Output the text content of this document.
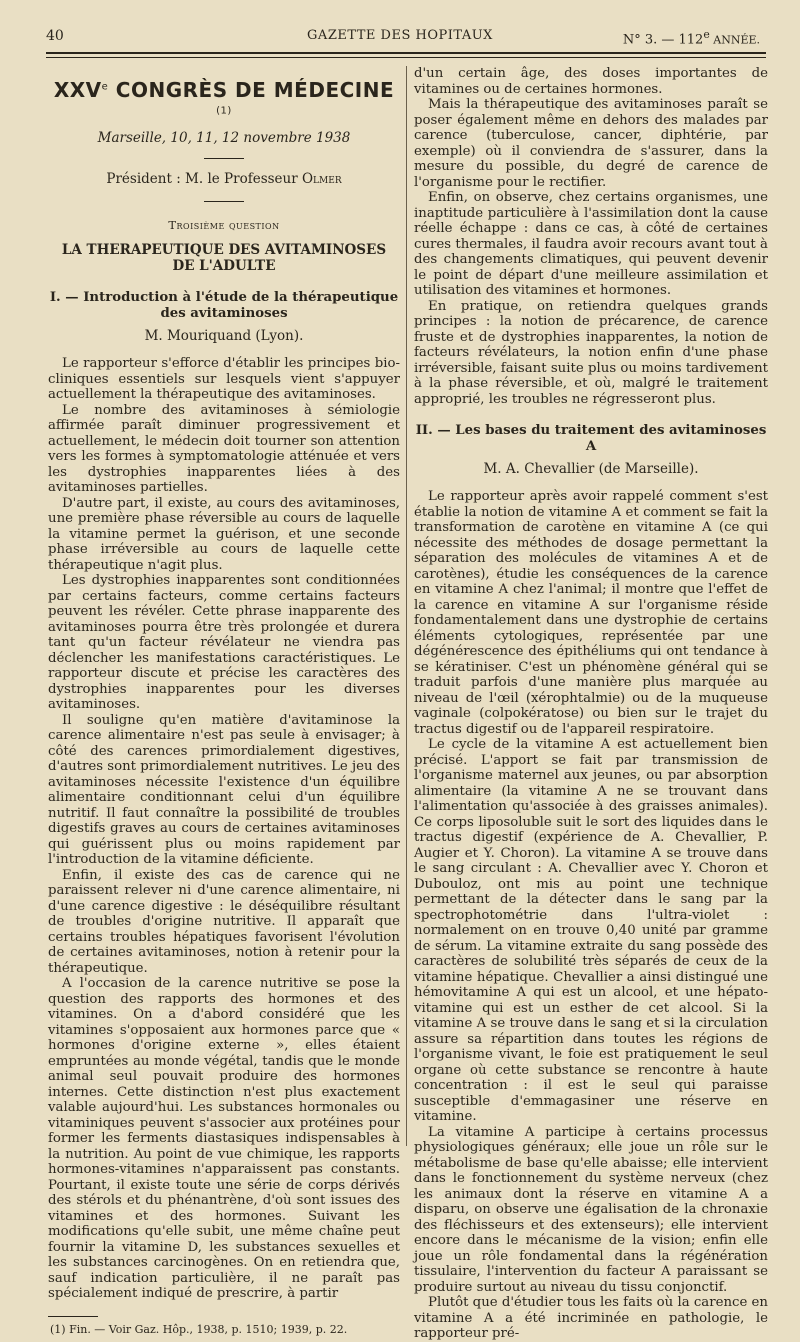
40	GAZETTE DES HOPITAUX	N° 3. — 112e ANNÉE.
XXVe CONGRÈS DE MÉDECINE $^{(1)}$
Marseille, 10, 11, 12 novembre 1938
Président : M. le Professeur Olmer
Troisième question
LA THERAPEUTIQUE DES AVITAMINOSES
DE L'ADULTE
I. — Introduction à l'étude de la thérapeutique
des avitaminoses
M. Mouriquand (Lyon).

Le rapporteur s'efforce d'établir les principes bio-cliniques essentiels sur lesquels vient s'appuyer actuellement la thérapeutique des avitaminoses.

Le nombre des avitaminoses à sémiologie affirmée paraît diminuer progressivement et actuellement, le médecin doit tourner son attention vers les formes à symptomatologie atténuée et vers les dystrophies inapparentes liées à des avitaminoses partielles.

D'autre part, il existe, au cours des avitaminoses, une première phase réversible au cours de laquelle la vitamine permet la guérison, et une seconde phase irréversible au cours de laquelle cette thérapeutique n'agit plus.

Les dystrophies inapparentes sont conditionnées par certains facteurs, comme certains facteurs peuvent les révéler. Cette phrase inapparente des avitaminoses pourra être très prolongée et durera tant qu'un facteur révélateur ne viendra pas déclencher les manifestations caractéristiques. Le rapporteur discute et précise les caractères des dystrophies inapparentes pour les diverses avitaminoses.

Il souligne qu'en matière d'avitaminose la carence alimentaire n'est pas seule à envisager; à côté des carences primordialement digestives, d'autres sont primordialement nutritives. Le jeu des avitaminoses nécessite l'existence d'un équilibre alimentaire conditionnant celui d'un équilibre nutritif. Il faut connaître la possibilité de troubles digestifs graves au cours de certaines avitaminoses qui guérissent plus ou moins rapidement par l'introduction de la vitamine déficiente.

Enfin, il existe des cas de carence qui ne paraissent relever ni d'une carence alimentaire, ni d'une carence digestive : le déséquilibre résultant de troubles d'origine nutritive. Il apparaît que certains troubles hépatiques favorisent l'évolution de certaines avitaminoses, notion à retenir pour la thérapeutique.

A l'occasion de la carence nutritive se pose la question des rapports des hormones et des vitamines. On a d'abord considéré que les vitamines s'opposaient aux hormones parce que « hormones d'origine externe », elles étaient empruntées au monde végétal, tandis que le monde animal seul pouvait produire des hormones internes. Cette distinction n'est plus exactement valable aujourd'hui. Les substances hormonales ou vitaminiques peuvent s'associer aux protéines pour former les ferments diastasiques indispensables à la nutrition. Au point de vue chimique, les rapports hormones-vitamines n'apparaissent pas constants. Pourtant, il existe toute une série de corps dérivés des stérols et du phénantrène, d'où sont issues des vitamines et des hormones. Suivant les modifications qu'elle subit, une même chaîne peut fournir la vitamine D, les substances sexuelles et les substances carcinogènes. On en retiendra que, sauf indication particulière, il ne paraît pas spécialement indiqué de prescrire, à partir

(1) Fin. — Voir Gaz. Hôp., 1938, p. 1510; 1939, p. 22.

d'un certain âge, des doses importantes de vitamines ou de certaines hormones.

Mais la thérapeutique des avitaminoses paraît se poser également même en dehors des malades par carence (tuberculose, cancer, diphtérie, par exemple) où il conviendra de s'assurer, dans la mesure du possible, du degré de carence de l'organisme pour le rectifier.

Enfin, on observe, chez certains organismes, une inaptitude particulière à l'assimilation dont la cause réelle échappe : dans ce cas, à côté de certaines cures thermales, il faudra avoir recours avant tout à des changements climatiques, qui peuvent devenir le point de départ d'une meilleure assimilation et utilisation des vitamines et hormones.

En pratique, on retiendra quelques grands principes : la notion de précarence, de carence fruste et de dystrophies inapparentes, la notion de facteurs révélateurs, la notion enfin d'une phase irréversible, faisant suite plus ou moins tardivement à la phase réversible, et où, malgré le traitement approprié, les troubles ne régresseront plus.

II. — Les bases du traitement des avitaminoses A
M. A. Chevallier (de Marseille).

Le rapporteur après avoir rappelé comment s'est établie la notion de vitamine A et comment se fait la transformation de carotène en vitamine A (ce qui nécessite des méthodes de dosage permettant la séparation des molécules de vitamines A et de carotènes), étudie les conséquences de la carence en vitamine A chez l'animal; il montre que l'effet de la carence en vitamine A sur l'organisme réside fondamentalement dans une dystrophie de certains éléments cytologiques, représentée par une dégénérescence des épithéliums qui ont tendance à se kératiniser. C'est un phénomène général qui se traduit parfois d'une manière plus marquée au niveau de l'œil (xérophtalmie) ou de la muqueuse vaginale (colpokératose) ou bien sur le trajet du tractus digestif ou de l'appareil respiratoire.

Le cycle de la vitamine A est actuellement bien précisé. L'apport se fait par transmission de l'organisme maternel aux jeunes, ou par absorption alimentaire (la vitamine A ne se trouvant dans l'alimentation qu'associée à des graisses animales). Ce corps liposoluble suit le sort des liquides dans le tractus digestif (expérience de A. Chevallier, P. Augier et Y. Choron). La vitamine A se trouve dans le sang circulant : A. Chevallier avec Y. Choron et Dubouloz, ont mis au point une technique permettant de la détecter dans le sang par la spectrophotométrie dans l'ultra-violet : normalement on en trouve 0,40 unité par gramme de sérum. La vitamine extraite du sang possède des caractères de solubilité très séparés de ceux de la vitamine hépatique. Chevallier a ainsi distingué une hémovitamine A qui est un alcool, et une hépato-vitamine qui est un esther de cet alcool. Si la vitamine A se trouve dans le sang et si la circulation assure sa répartition dans toutes les régions de l'organisme vivant, le foie est pratiquement le seul organe où cette substance se rencontre à haute concentration : il est le seul qui paraisse susceptible d'emmagasiner une réserve en vitamine.

La vitamine A participe à certains processus physiologiques généraux; elle joue un rôle sur le métabolisme de base qu'elle abaisse; elle intervient dans le fonctionnement du système nerveux (chez les animaux dont la réserve en vitamine A a disparu, on observe une égalisation de la chronaxie des fléchisseurs et des extenseurs); elle intervient encore dans le mécanisme de la vision; enfin elle joue un rôle fondamental dans la régénération tissulaire, l'intervention du facteur A paraissant se produire surtout au niveau du tissu conjonctif.

Plutôt que d'étudier tous les faits où la carence en vitamine A a été incriminée en pathologie, le rapporteur pré-
